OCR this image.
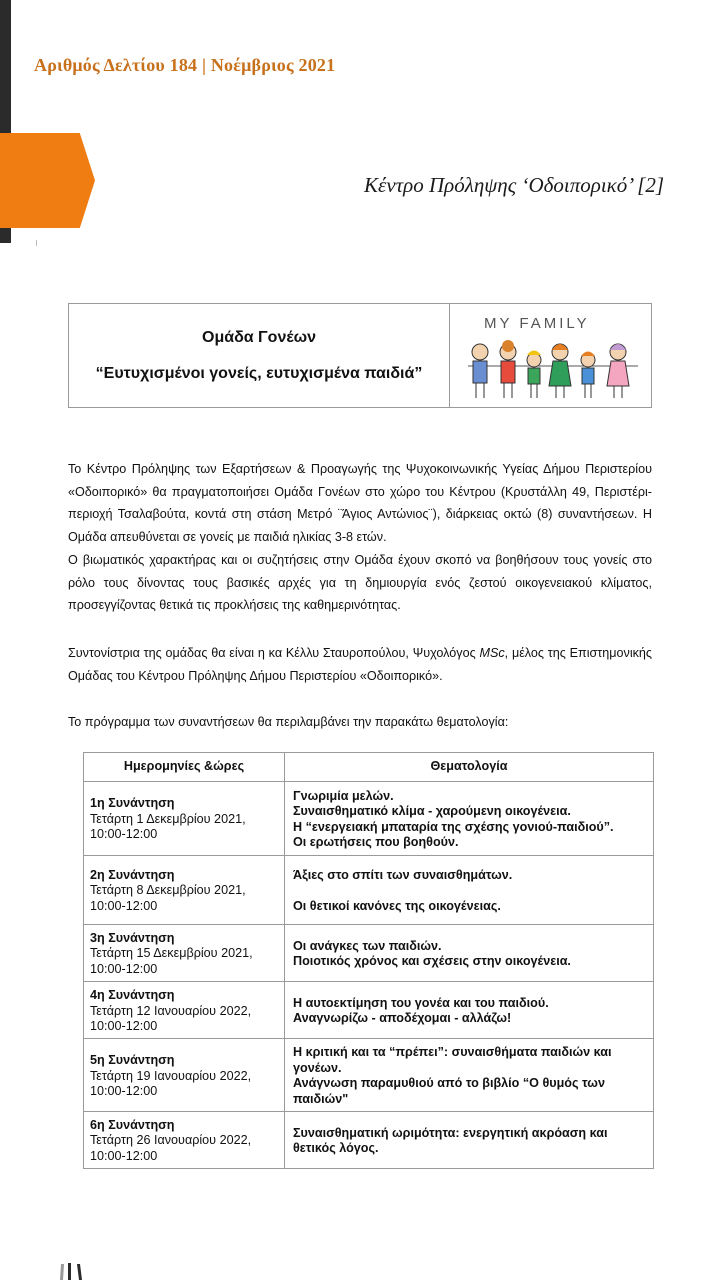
Αριθμός Δελτίου 184 | Νοέμβριος 2021
Κέντρο Πρόληψης ‘Οδοιπορικό’ [2]
Ομάδα Γονέων
“Ευτυχισμένοι γονείς, ευτυχισμένα παιδιά”
MY FAMILY
Το Κέντρο Πρόληψης των Εξαρτήσεων & Προαγωγής της Ψυχοκοινωνικής Υγείας Δήμου Περιστερίου «Οδοιπορικό» θα πραγματοποιήσει Ομάδα Γονέων στο χώρο του Κέντρου (Κρυστάλλη 49, Περιστέρι-περιοχή Τσαλαβούτα, κοντά στη στάση Μετρό ¨Άγιος Αντώνιος¨), διάρκειας οκτώ (8) συναντήσεων. Η Ομάδα απευθύνεται σε γονείς με παιδιά ηλικίας 3-8 ετών.
Ο βιωματικός χαρακτήρας και οι συζητήσεις στην Ομάδα έχουν σκοπό να βοηθήσουν τους γονείς στο ρόλο τους δίνοντας τους βασικές αρχές για τη δημιουργία ενός ζεστού οικογενειακού κλίματος, προσεγγίζοντας θετικά τις προκλήσεις της καθημερινότητας.
Συντονίστρια της ομάδας θα είναι η κα Κέλλυ Σταυροπούλου, Ψυχολόγος MSc, μέλος της Επιστημονικής Ομάδας του Κέντρου Πρόληψης Δήμου Περιστερίου «Οδοιπορικό».
Το πρόγραμμα των συναντήσεων θα περιλαμβάνει την παρακάτω θεματολογία:
Ημερομηνίες &ώρες	Θεματολογία

1η Συνάντηση
Τετάρτη 1 Δεκεμβρίου 2021,
10:00-12:00	Γνωριμία μελών.
Συναισθηματικό κλίμα - χαρούμενη οικογένεια.
Η “ενεργειακή μπαταρία της σχέσης γονιού-παιδιού”.
Οι ερωτήσεις που βοηθούν.

2η Συνάντηση
Τετάρτη 8 Δεκεμβρίου 2021,
10:00-12:00	Άξιες στο σπίτι των συναισθημάτων.
Οι θετικοί κανόνες της οικογένειας.

3η Συνάντηση
Τετάρτη 15 Δεκεμβρίου 2021,
10:00-12:00	Οι ανάγκες των παιδιών.
Ποιοτικός χρόνος και σχέσεις στην οικογένεια.

4η Συνάντηση
Τετάρτη 12 Ιανουαρίου 2022,
10:00-12:00	Η αυτοεκτίμηση του γονέα και του παιδιού.
Αναγνωρίζω - αποδέχομαι - αλλάζω!

5η Συνάντηση
Τετάρτη 19 Ιανουαρίου 2022,
10:00-12:00	Η κριτική και τα “πρέπει”: συναισθήματα παιδιών και γονέων.
Ανάγνωση παραμυθιού από το βιβλίο “Ο θυμός των παιδιών"

6η Συνάντηση
Τετάρτη 26 Ιανουαρίου 2022,
10:00-12:00	Συναισθηματική ωριμότητα: ενεργητική ακρόαση και θετικός λόγος.
